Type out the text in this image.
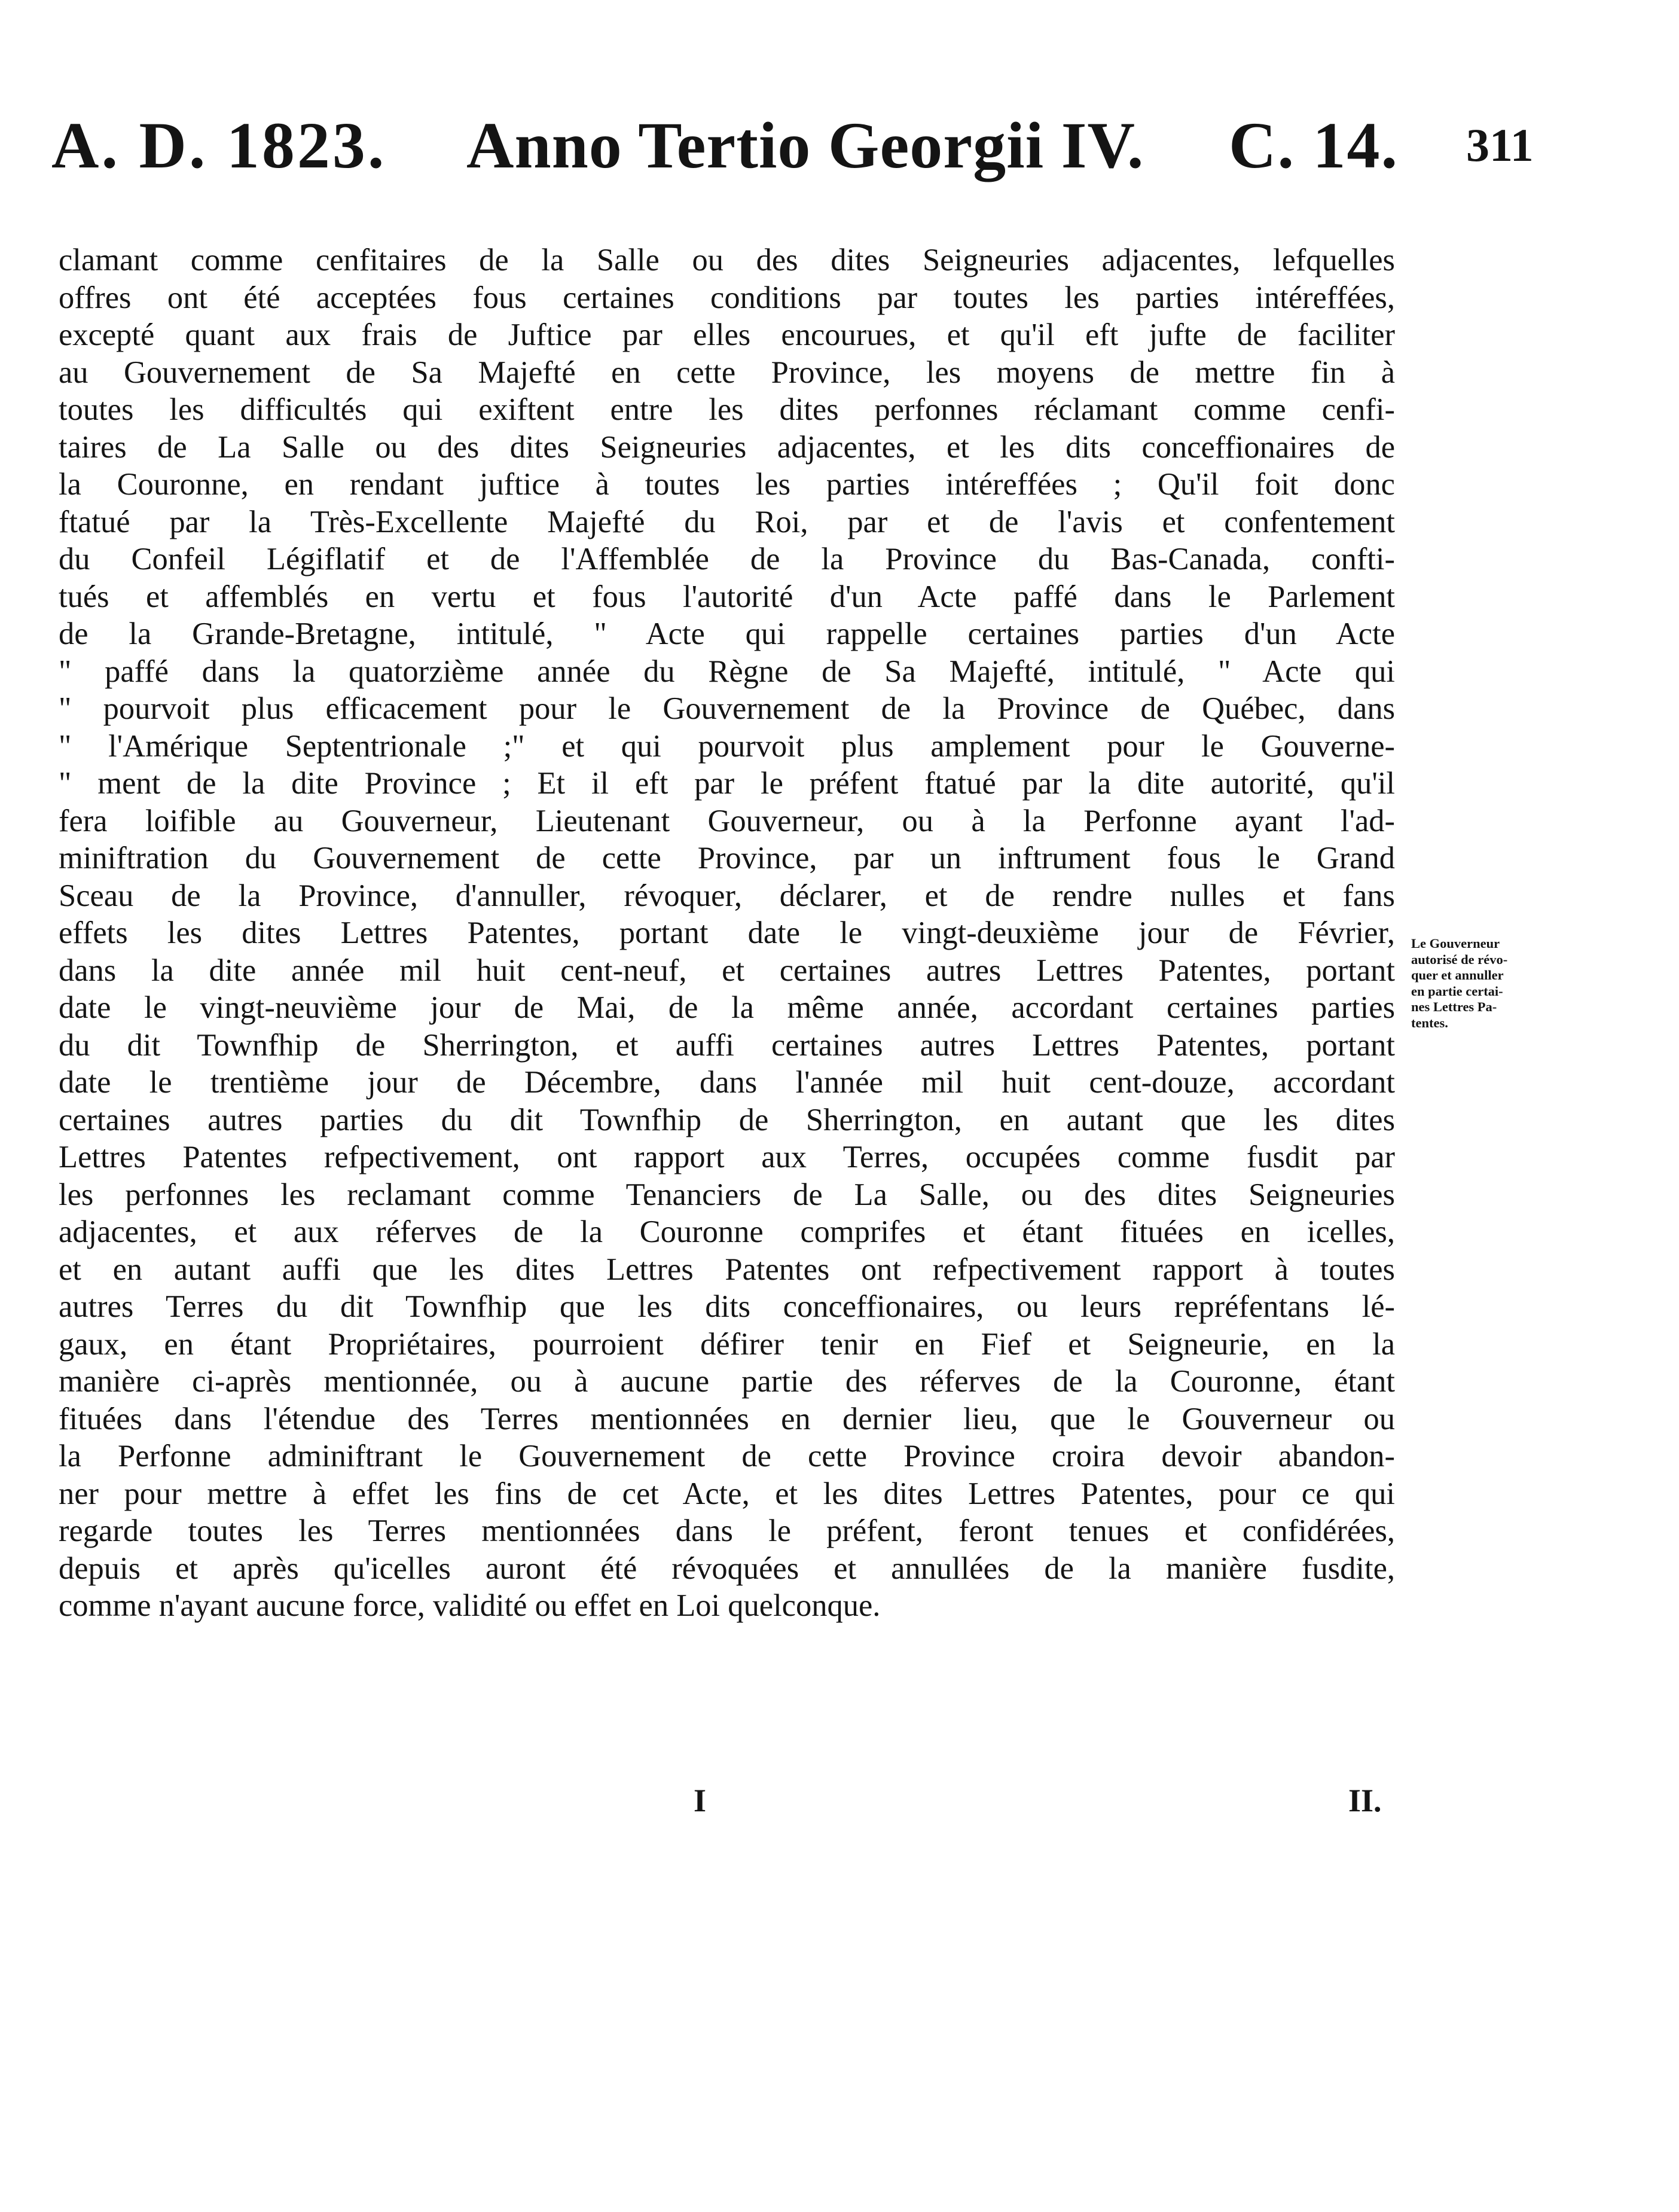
A. D. 1823. Anno Tertio Georgii IV. C. 14. 311
clamant comme cenfitaires de la Salle ou des dites Seigneuries adjacentes, lefquelles
offres ont été acceptées fous certaines conditions par toutes les parties intéreffées,
excepté quant aux frais de Juftice par elles encourues, et qu'il eft jufte de faciliter
au Gouvernement de Sa Majefté en cette Province, les moyens de mettre fin à
toutes les difficultés qui exiftent entre les dites perfonnes réclamant comme cenfi-
taires de La Salle ou des dites Seigneuries adjacentes, et les dits conceffionaires de
la Couronne, en rendant juftice à toutes les parties intéreffées ; Qu'il foit donc
ftatué par la Très-Excellente Majefté du Roi, par et de l'avis et confentement
du Confeil Légiflatif et de l'Affemblée de la Province du Bas-Canada, confti-
tués et affemblés en vertu et fous l'autorité d'un Acte paffé dans le Parlement
de la Grande-Bretagne, intitulé, " Acte qui rappelle certaines parties d'un Acte
" paffé dans la quatorzième année du Règne de Sa Majefté, intitulé, " Acte qui
" pourvoit plus efficacement pour le Gouvernement de la Province de Québec, dans
" l'Amérique Septentrionale ;" et qui pourvoit plus amplement pour le Gouverne-
" ment de la dite Province ; Et il eft par le préfent ftatué par la dite autorité, qu'il
fera loifible au Gouverneur, Lieutenant Gouverneur, ou à la Perfonne ayant l'ad-
miniftration du Gouvernement de cette Province, par un inftrument fous le Grand
Sceau de la Province, d'annuller, révoquer, déclarer, et de rendre nulles et fans
effets les dites Lettres Patentes, portant date le vingt-deuxième jour de Février,
dans la dite année mil huit cent-neuf, et certaines autres Lettres Patentes, portant
date le vingt-neuvième jour de Mai, de la même année, accordant certaines parties
du dit Townfhip de Sherrington, et auffi certaines autres Lettres Patentes, portant
date le trentième jour de Décembre, dans l'année mil huit cent-douze, accordant
certaines autres parties du dit Townfhip de Sherrington, en autant que les dites
Lettres Patentes refpectivement, ont rapport aux Terres, occupées comme fusdit par
les perfonnes les reclamant comme Tenanciers de La Salle, ou des dites Seigneuries
adjacentes, et aux réferves de la Couronne comprifes et étant fituées en icelles,
et en autant auffi que les dites Lettres Patentes ont refpectivement rapport à toutes
autres Terres du dit Townfhip que les dits conceffionaires, ou leurs repréfentans lé-
gaux, en étant Propriétaires, pourroient défirer tenir en Fief et Seigneurie, en la
manière ci-après mentionnée, ou à aucune partie des réferves de la Couronne, étant
fituées dans l'étendue des Terres mentionnées en dernier lieu, que le Gouverneur ou
la Perfonne adminiftrant le Gouvernement de cette Province croira devoir abandon-
ner pour mettre à effet les fins de cet Acte, et les dites Lettres Patentes, pour ce qui
regarde toutes les Terres mentionnées dans le préfent, feront tenues et confidérées,
depuis et après qu'icelles auront été révoquées et annullées de la manière fusdite,
comme n'ayant aucune force, validité ou effet en Loi quelconque.
Le Gouverneur
autorisé de révo-
quer et annuller
en partie certai-
nes Lettres Pa-
tentes.
I	II.
